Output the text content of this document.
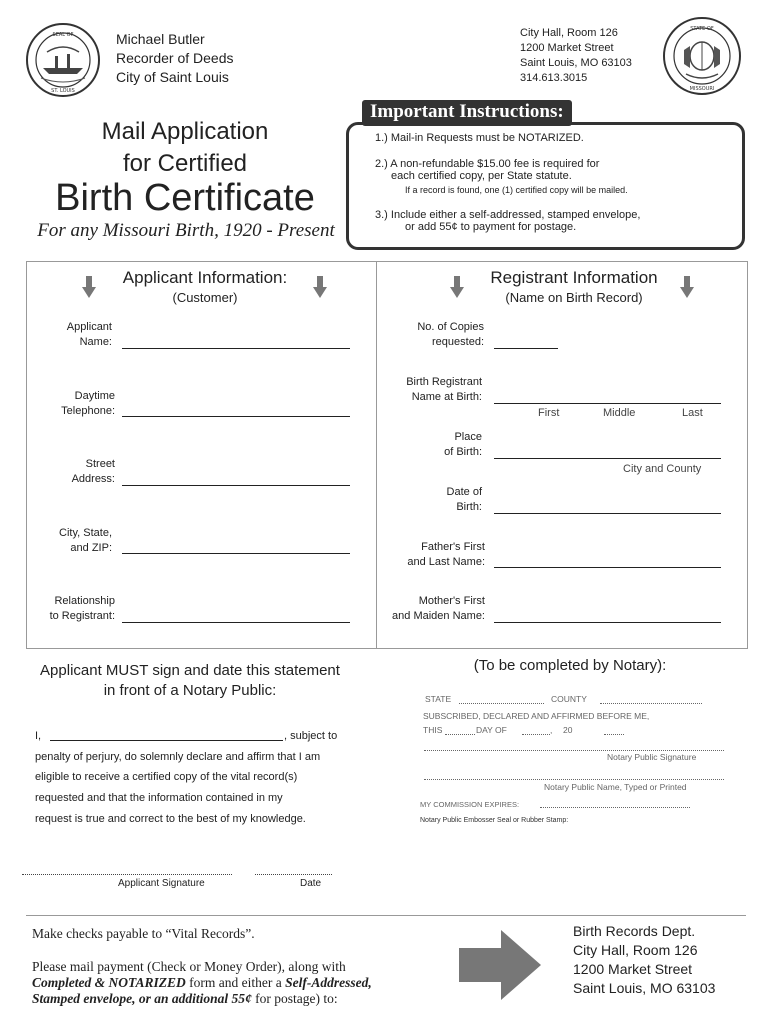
SEAL OF
ST. LOUIS
Michael Butler
Recorder of Deeds
City of Saint Louis
City Hall, Room 126
1200 Market Street
Saint Louis, MO 63103
314.613.3015
STATE OF
MISSOURI
Mail Application
for Certified
Birth Certificate
For any Missouri Birth, 1920 - Present
Important Instructions:
1.) Mail-in Requests must be NOTARIZED.
2.) A non-refundable $15.00 fee is required for
each certified copy, per State statute.
If a record is found, one (1) certified copy will be mailed.
3.) Include either a self-addressed, stamped envelope,
or add 55¢ to payment for postage.
Applicant Information:
(Customer)
Applicant
Name:
Daytime
Telephone:
Street
Address:
City, State,
and ZIP:
Relationship
to Registrant:
Registrant Information
(Name on Birth Record)
No. of Copies
requested:
Birth Registrant
Name at Birth:
First	Middle	Last
Place
of Birth:
City and County
Date of
Birth:
Father's First
and Last Name:
Mother's First
and Maiden Name:
Applicant MUST sign and date this statement
in front of a Notary Public:
I,	, subject to
penalty of perjury, do solemnly declare and affirm that I am
eligible to receive a certified copy of the vital record(s)
requested and that the information contained in my
request is true and correct to the best of my knowledge.
Applicant Signature	Date
(To be completed by Notary):
STATE	COUNTY
SUBSCRIBED, DECLARED AND AFFIRMED BEFORE ME,
THIS	DAY OF	, 20
Notary Public Signature
Notary Public Name, Typed or Printed
MY COMMISSION EXPIRES:
Notary Public Embosser Seal or Rubber Stamp:
Make checks payable to “Vital Records”.
Please mail payment (Check or Money Order), along with
Completed & NOTARIZED form and either a Self-Addressed,
Stamped envelope, or an additional 55¢ for postage) to:
Birth Records Dept.
City Hall, Room 126
1200 Market Street
Saint Louis, MO 63103
